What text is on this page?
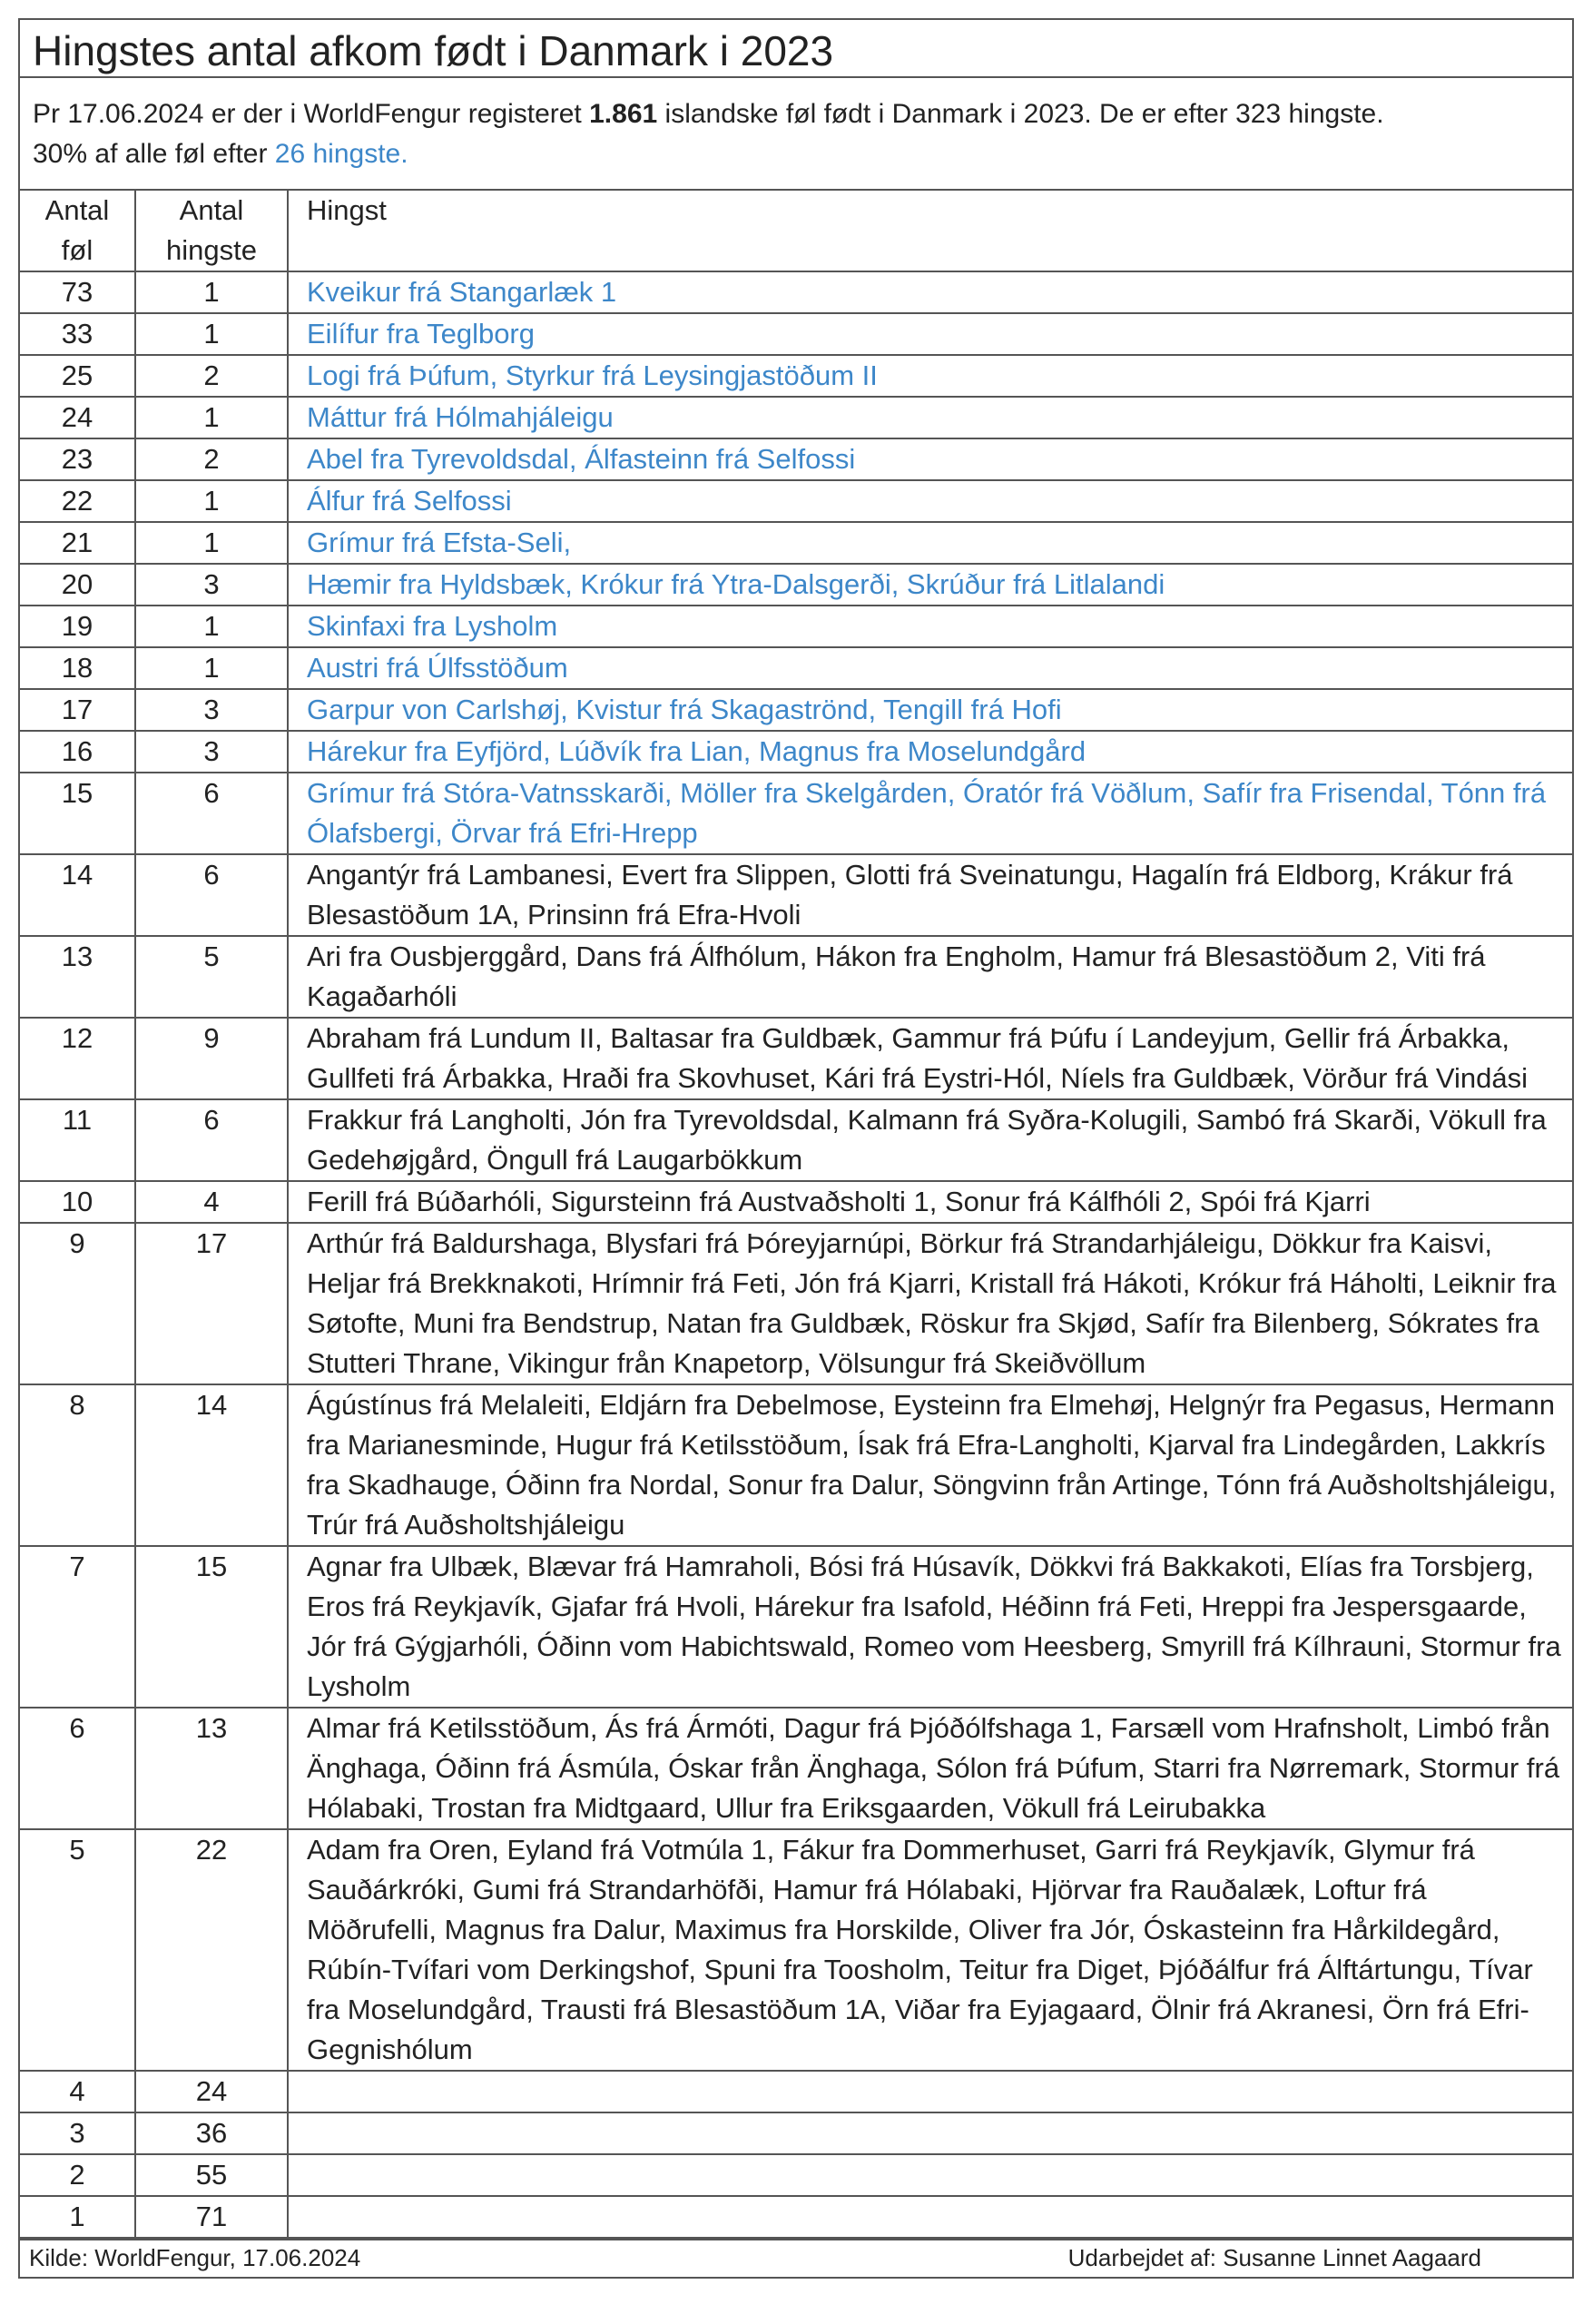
Hingstes antal afkom født i Danmark i 2023
Pr 17.06.2024 er der i WorldFengur registeret 1.861 islandske føl født i Danmark i 2023. De er efter 323 hingste.
30% af alle føl efter 26 hingste.
Antal føl	Antal hingste	Hingst
73	1	Kveikur frá Stangarlæk 1
33	1	Eilífur fra Teglborg
25	2	Logi frá Þúfum, Styrkur frá Leysingjastöðum II
24	1	Máttur frá Hólmahjáleigu
23	2	Abel fra Tyrevoldsdal, Álfasteinn frá Selfossi
22	1	Álfur frá Selfossi
21	1	Grímur frá Efsta-Seli,
20	3	Hæmir fra Hyldsbæk, Krókur frá Ytra-Dalsgerði, Skrúður frá Litlalandi
19	1	Skinfaxi fra Lysholm
18	1	Austri frá Úlfsstöðum
17	3	Garpur von Carlshøj, Kvistur frá Skagaströnd, Tengill frá Hofi
16	3	Hárekur fra Eyfjörd, Lúðvík fra Lian, Magnus fra Moselundgård
15	6	Grímur frá Stóra-Vatnsskarði, Möller fra Skelgården, Óratór frá Vöðlum, Safír fra Frisendal, Tónn frá Ólafsbergi, Örvar frá Efri-Hrepp
14	6	Angantýr frá Lambanesi, Evert fra Slippen, Glotti frá Sveinatungu, Hagalín frá Eldborg, Krákur frá Blesastöðum 1A, Prinsinn frá Efra-Hvoli
13	5	Ari fra Ousbjerggård, Dans frá Álfhólum, Hákon fra Engholm, Hamur frá Blesastöðum 2, Viti frá Kagaðarhóli
12	9	Abraham frá Lundum II, Baltasar fra Guldbæk, Gammur frá Þúfu í Landeyjum, Gellir frá Árbakka, Gullfeti frá Árbakka, Hraði fra Skovhuset, Kári frá Eystri-Hól, Níels fra Guldbæk, Vörður frá Vindási
11	6	Frakkur frá Langholti, Jón fra Tyrevoldsdal, Kalmann frá Syðra-Kolugili, Sambó frá Skarði, Vökull fra Gedehøjgård, Öngull frá Laugarbökkum
10	4	Ferill frá Búðarhóli, Sigursteinn frá Austvaðsholti 1, Sonur frá Kálfhóli 2, Spói frá Kjarri
9	17	Arthúr frá Baldurshaga, Blysfari frá Þóreyjarnúpi, Börkur frá Strandarhjáleigu, Dökkur fra Kaisvi, Heljar frá Brekknakoti, Hrímnir frá Feti, Jón frá Kjarri, Kristall frá Hákoti, Krókur frá Háholti, Leiknir fra Søtofte, Muni fra Bendstrup, Natan fra Guldbæk, Röskur fra Skjød, Safír fra Bilenberg, Sókrates fra Stutteri Thrane, Vikingur från Knapetorp, Völsungur frá Skeiðvöllum
8	14	Ágústínus frá Melaleiti, Eldjárn fra Debelmose, Eysteinn fra Elmehøj, Helgnýr fra Pegasus, Hermann fra Marianesminde, Hugur frá Ketilsstöðum, Ísak frá Efra-Langholti, Kjarval fra Lindegården, Lakkrís fra Skadhauge, Óðinn fra Nordal, Sonur fra Dalur, Söngvinn från Artinge, Tónn frá Auðsholtshjáleigu, Trúr frá Auðsholtshjáleigu
7	15	Agnar fra Ulbæk, Blævar frá Hamraholi, Bósi frá Húsavík, Dökkvi frá Bakkakoti, Elías fra Torsbjerg, Eros frá Reykjavík, Gjafar frá Hvoli, Hárekur fra Isafold, Héðinn frá Feti, Hreppi fra Jespersgaarde, Jór frá Gýgjarhóli, Óðinn vom Habichtswald, Romeo vom Heesberg, Smyrill frá Kílhrauni, Stormur fra Lysholm
6	13	Almar frá Ketilsstöðum, Ás frá Ármóti, Dagur frá Þjóðólfshaga 1, Farsæll vom Hrafnsholt, Limbó från Änghaga, Óðinn frá Ásmúla, Óskar från Änghaga, Sólon frá Þúfum, Starri fra Nørremark, Stormur frá Hólabaki, Trostan fra Midtgaard, Ullur fra Eriksgaarden, Vökull frá Leirubakka
5	22	Adam fra Oren, Eyland frá Votmúla 1, Fákur fra Dommerhuset, Garri frá Reykjavík, Glymur frá Sauðárkróki, Gumi frá Strandarhöfði, Hamur frá Hólabaki, Hjörvar fra Rauðalæk, Loftur frá Möðrufelli, Magnus fra Dalur, Maximus fra Horskilde, Oliver fra Jór, Óskasteinn fra Hårkildegård, Rúbín-Tvífari vom Derkingshof, Spuni fra Toosholm, Teitur fra Diget, Þjóðálfur frá Álftártungu, Tívar fra Moselundgård, Trausti frá Blesastöðum 1A, Viðar fra Eyjagaard, Ölnir frá Akranesi, Örn frá Efri-Gegnishólum
4	24	
3	36	
2	55	
1	71	
Kilde: WorldFengur, 17.06.2024	Udarbejdet af: Susanne Linnet Aagaard
